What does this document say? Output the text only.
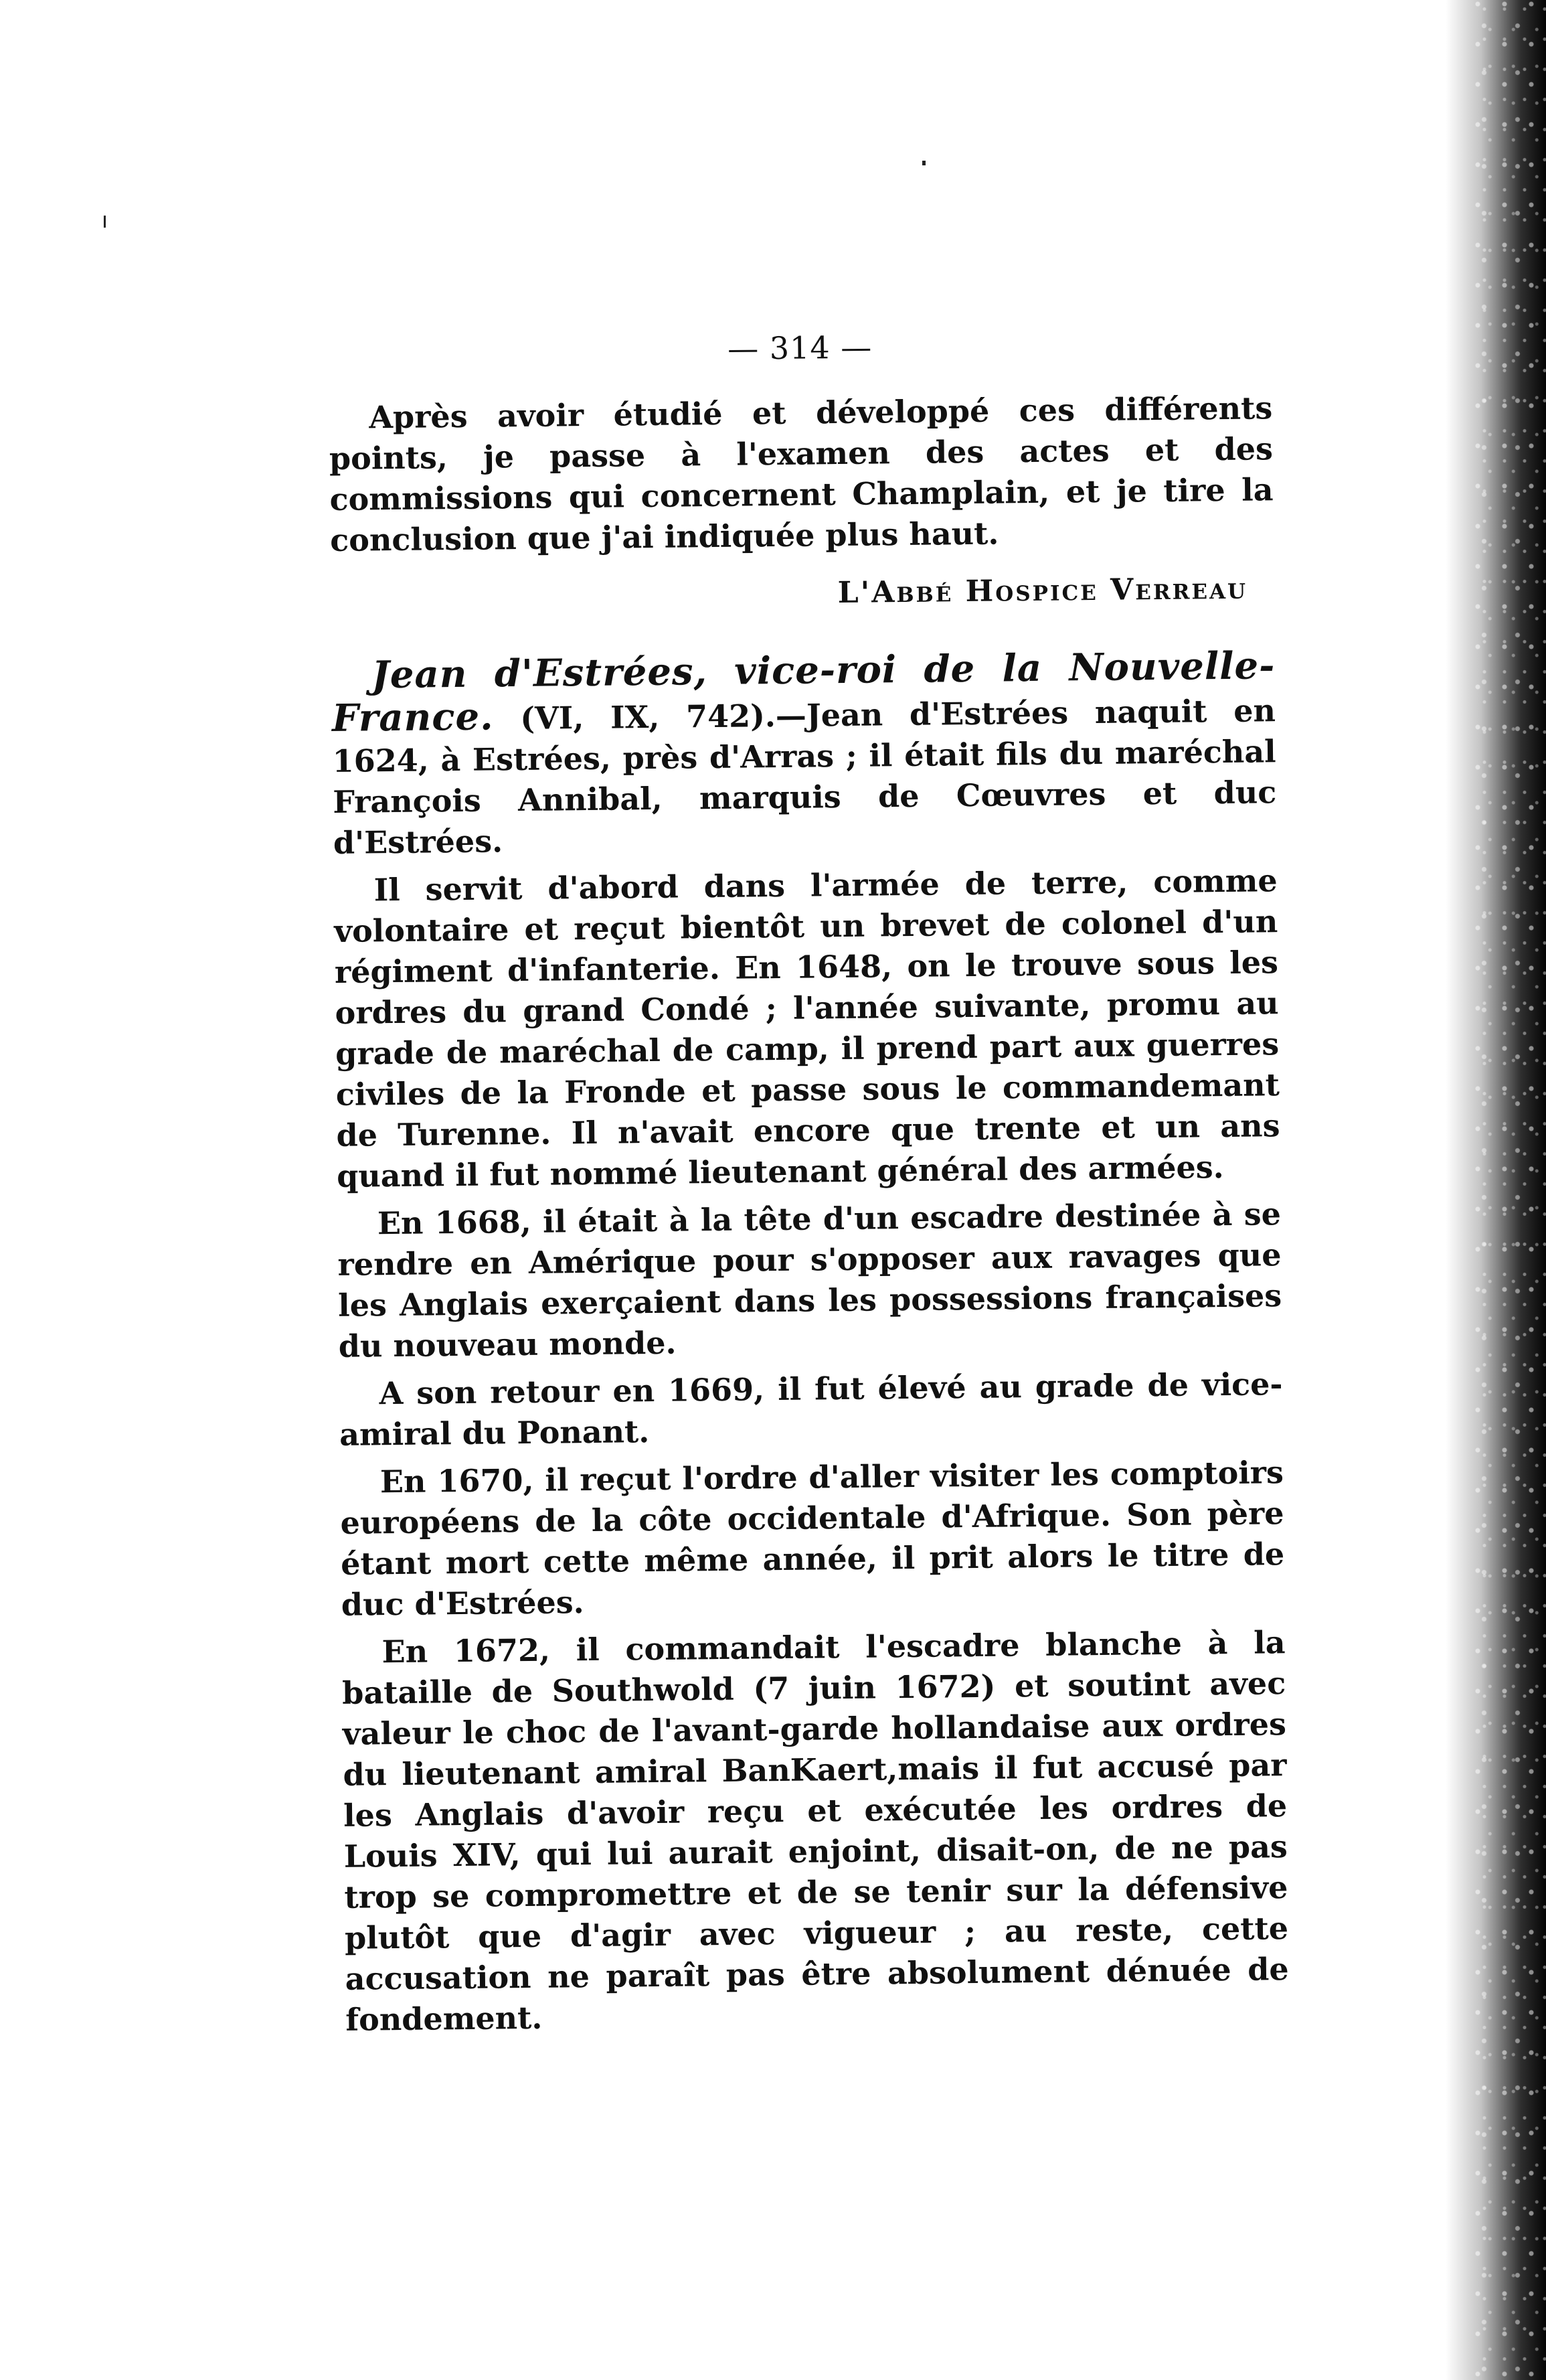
— 314 —

Après avoir étudié et développé ces différents points, je passe à l'examen des actes et des commissions qui concernent Champlain, et je tire la conclusion que j'ai indiquée plus haut.

L'Abbé Hospice Verreau

Jean d'Estrées, vice-roi de la Nouvelle-France. (VI, IX, 742).—Jean d'Estrées naquit en 1624, à Estrées, près d'Arras ; il était fils du maréchal François Annibal, marquis de Cœuvres et duc d'Estrées.

Il servit d'abord dans l'armée de terre, comme volontaire et reçut bientôt un brevet de colonel d'un régiment d'infanterie. En 1648, on le trouve sous les ordres du grand Condé ; l'année suivante, promu au grade de maréchal de camp, il prend part aux guerres civiles de la Fronde et passe sous le commandemant de Turenne. Il n'avait encore que trente et un ans quand il fut nommé lieutenant général des armées.

En 1668, il était à la tête d'un escadre destinée à se rendre en Amérique pour s'opposer aux ravages que les Anglais exerçaient dans les possessions françaises du nouveau monde.

A son retour en 1669, il fut élevé au grade de vice-amiral du Ponant.

En 1670, il reçut l'ordre d'aller visiter les comptoirs européens de la côte occidentale d'Afrique. Son père étant mort cette même année, il prit alors le titre de duc d'Estrées.

En 1672, il commandait l'escadre blanche à la bataille de Southwold (7 juin 1672) et soutint avec valeur le choc de l'avant-garde hollandaise aux ordres du lieutenant amiral BanKaert,mais il fut accusé par les Anglais d'avoir reçu et exécutée les ordres de Louis XIV, qui lui aurait enjoint, disait-on, de ne pas trop se compromettre et de se tenir sur la défensive plutôt que d'agir avec vigueur ; au reste, cette accusation ne paraît pas être absolument dénuée de fondement.
